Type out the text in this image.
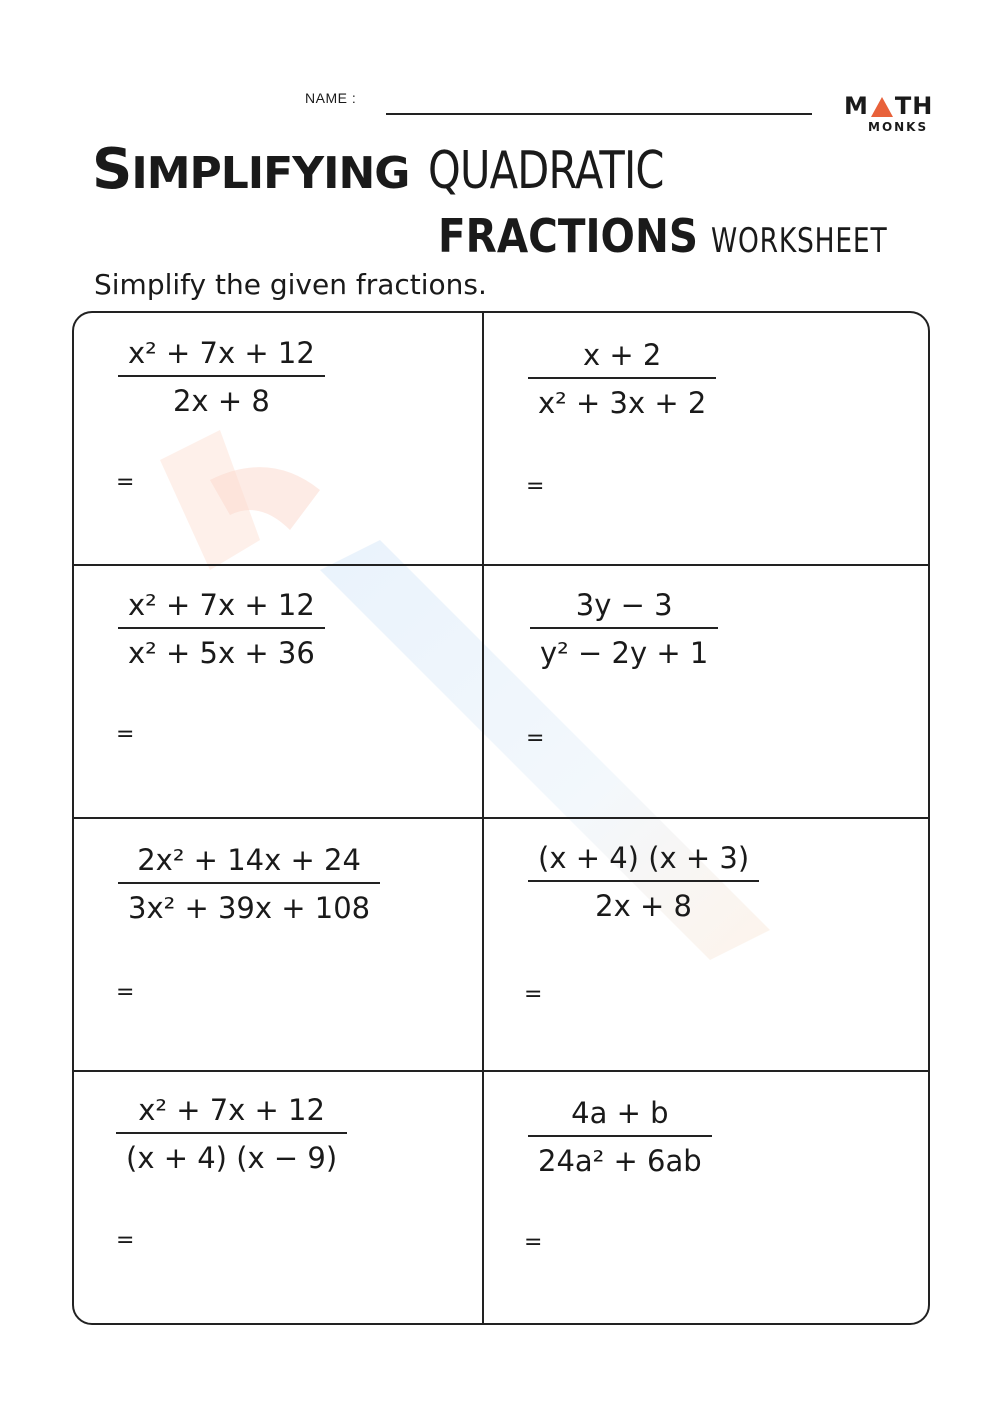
NAME :	M TH
MONKS
SIMPLIFYING QUADRATIC
FRACTIONS WORKSHEET
Simplify the given fractions.
x² + 7x + 12
2x + 8
=
x + 2
x² + 3x + 2
=
x² + 7x + 12
x² + 5x + 36
=
3y − 3
y² − 2y + 1
=
2x² + 14x + 24
3x² + 39x + 108
=
(x + 4) (x + 3)
2x + 8
=
x² + 7x + 12
(x + 4) (x − 9)
=
4a + b
24a² + 6ab
=
